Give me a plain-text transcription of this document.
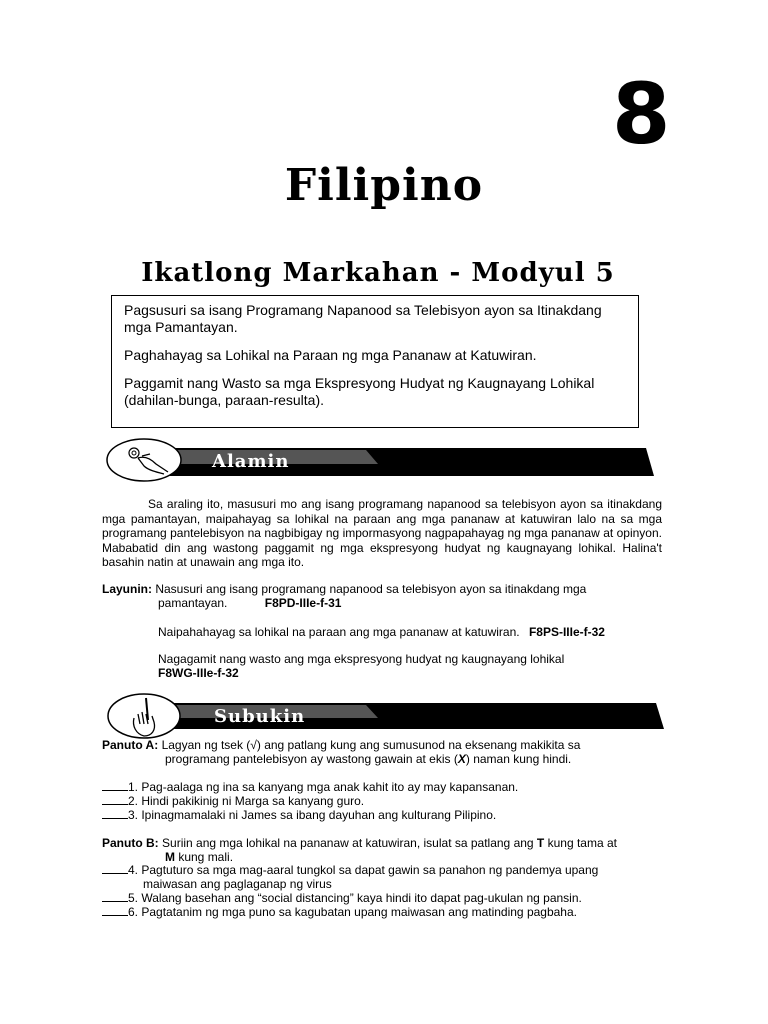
8
Filipino
Ikatlong Markahan - Modyul 5

Pagsusuri sa isang Programang Napanood sa Telebisyon ayon sa Itinakdang mga Pamantayan.

Paghahayag sa Lohikal na Paraan ng mga Pananaw at Katuwiran.

Paggamit nang Wasto sa mga Ekspresyong Hudyat ng Kaugnayang Lohikal (dahilan-bunga, paraan-resulta).

Alamin
Sa araling ito, masusuri mo ang isang programang napanood sa telebisyon ayon sa itinakdang mga pamantayan, maipahayag sa lohikal na paraan ang mga pananaw at katuwiran lalo na sa mga programang pantelebisyon na nagbibigay ng impormasyong nagpapahayag ng mga pananaw at opinyon. Mababatid din ang wastong paggamit ng mga ekspresyong hudyat ng kaugnayang lohikal. Halina't basahin natin at unawain ang mga ito.
Layunin: Nasusuri ang isang programang napanood sa telebisyon ayon sa itinakdang mga
pamantayan.	F8PD-IIIe-f-31
Naipahahayag sa lohikal na paraan ang mga pananaw at katuwiran. F8PS-IIIe-f-32
Nagagamit nang wasto ang mga ekspresyong hudyat ng kaugnayang lohikal
F8WG-IIIe-f-32
Subukin
Panuto A: Lagyan ng tsek (√) ang patlang kung ang sumusunod na eksenang makikita sa
programang pantelebisyon ay wastong gawain at ekis (X) naman kung hindi.
1. Pag-aalaga ng ina sa kanyang mga anak kahit ito ay may kapansanan.
2. Hindi pakikinig ni Marga sa kanyang guro.
3. Ipinagmamalaki ni James sa ibang dayuhan ang kulturang Pilipino.
Panuto B: Suriin ang mga lohikal na pananaw at katuwiran, isulat sa patlang ang T kung tama at
M kung mali.
4. Pagtuturo sa mga mag-aaral tungkol sa dapat gawin sa panahon ng pandemya upang
maiwasan ang paglaganap ng virus
5. Walang basehan ang “social distancing” kaya hindi ito dapat pag-ukulan ng pansin.
6. Pagtatanim ng mga puno sa kagubatan upang maiwasan ang matinding pagbaha.
